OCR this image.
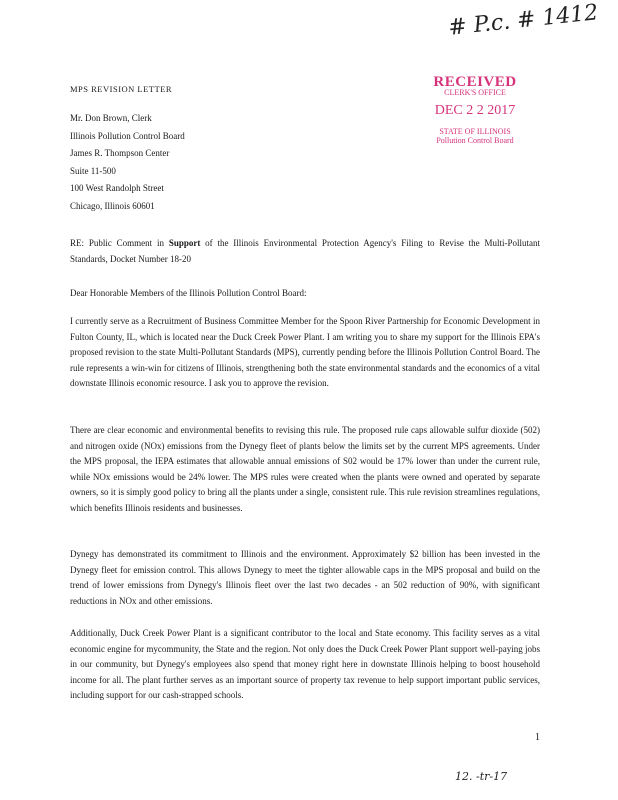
# P.c. # 1412
MPS REVISION LETTER
Mr. Don Brown, Clerk
Illinois Pollution Control Board
James R. Thompson Center
Suite 11-500
100 West Randolph Street
Chicago, Illinois 60601
RECEIVED
CLERK'S OFFICE
DEC 2 2 2017
STATE OF ILLINOIS
Pollution Control Board
RE: Public Comment in Support of the Illinois Environmental Protection Agency's Filing to Revise the Multi-Pollutant Standards, Docket Number 18-20
Dear Honorable Members of the Illinois Pollution Control Board:
I currently serve as a Recruitment of Business Committee Member for the Spoon River Partnership for Economic Development in Fulton County, IL, which is located near the Duck Creek Power Plant. I am writing you to share my support for the Illinois EPA's proposed revision to the state Multi-Pollutant Standards (MPS), currently pending before the Illinois Pollution Control Board. The rule represents a win-win for citizens of Illinois, strengthening both the state environmental standards and the economics of a vital downstate Illinois economic resource. I ask you to approve the revision.
There are clear economic and environmental benefits to revising this rule. The proposed rule caps allowable sulfur dioxide (502) and nitrogen oxide (NOx) emissions from the Dynegy fleet of plants below the limits set by the current MPS agreements. Under the MPS proposal, the IEPA estimates that allowable annual emissions of S02 would be 17% lower than under the current rule, while NOx emissions would be 24% lower. The MPS rules were created when the plants were owned and operated by separate owners, so it is simply good policy to bring all the plants under a single, consistent rule. This rule revision streamlines regulations, which benefits Illinois residents and businesses.
Dynegy has demonstrated its commitment to Illinois and the environment. Approximately $2 billion has been invested in the Dynegy fleet for emission control. This allows Dynegy to meet the tighter allowable caps in the MPS proposal and build on the trend of lower emissions from Dynegy's Illinois fleet over the last two decades - an 502 reduction of 90%, with significant reductions in NOx and other emissions.
Additionally, Duck Creek Power Plant is a significant contributor to the local and State economy. This facility serves as a vital economic engine for mycommunity, the State and the region. Not only does the Duck Creek Power Plant support well-paying jobs in our community, but Dynegy's employees also spend that money right here in downstate Illinois helping to boost household income for all. The plant further serves as an important source of property tax revenue to help support important public services, including support for our cash-strapped schools.
1
12. -tr-17
